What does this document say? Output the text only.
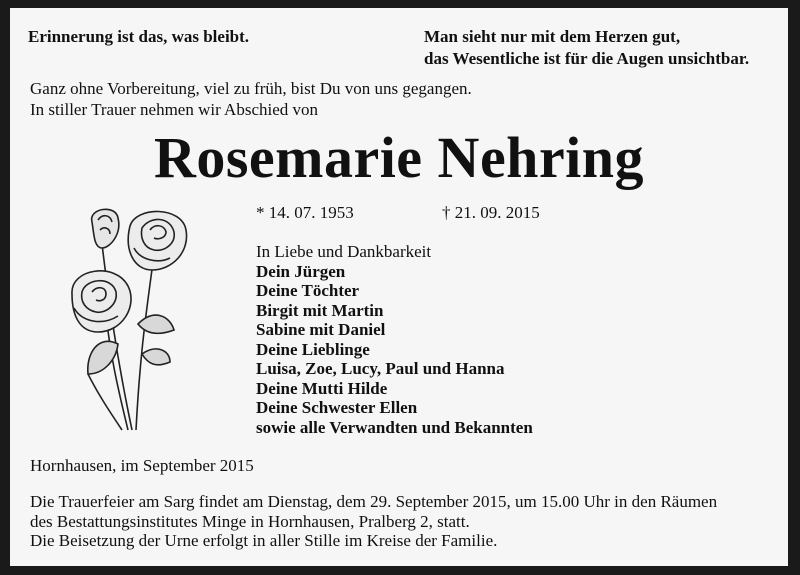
Erinnerung ist das, was bleibt.	Man sieht nur mit dem Herzen gut,
das Wesentliche ist für die Augen unsichtbar.
Ganz ohne Vorbereitung, viel zu früh, bist Du von uns gegangen.
In stiller Trauer nehmen wir Abschied von
Rosemarie Nehring
* 14. 07. 1953	† 21. 09. 2015
In Liebe und Dankbarkeit
Dein Jürgen
Deine Töchter
Birgit mit Martin
Sabine mit Daniel
Deine Lieblinge
Luisa, Zoe, Lucy, Paul und Hanna
Deine Mutti Hilde
Deine Schwester Ellen
sowie alle Verwandten und Bekannten
Hornhausen, im September 2015
Die Trauerfeier am Sarg findet am Dienstag, dem 29. September 2015, um 15.00 Uhr in den Räumen
des Bestattungsinstitutes Minge in Hornhausen, Pralberg 2, statt.
Die Beisetzung der Urne erfolgt in aller Stille im Kreise der Familie.
